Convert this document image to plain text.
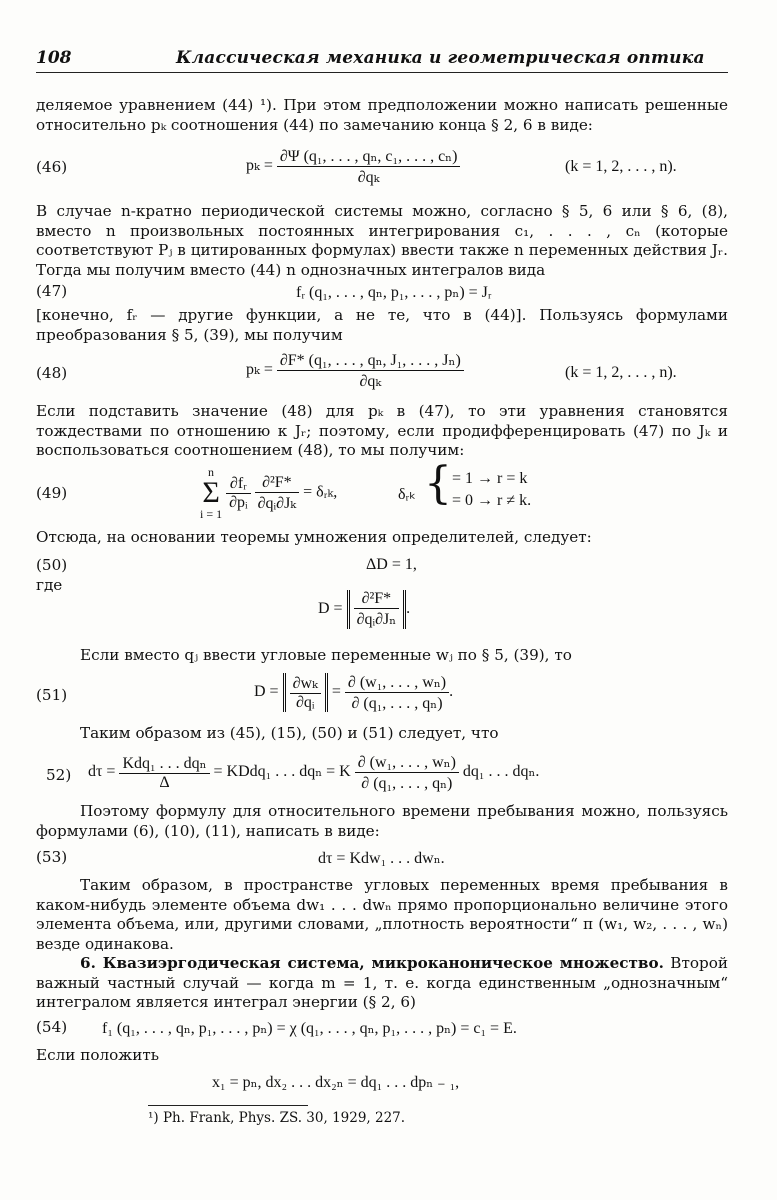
108	Классическая механика и геометрическая оптика
деляемое уравнением (44) ¹). При этом предположении можно написать решенные относительно pₖ соотношения (44) по замечанию конца § 2, 6 в виде:
(46)	$p_k = \frac{\text{∂Ψ (q₁, . . . , qₙ, c₁, . . . , cₙ)}}{\text{∂qₖ}}$	(k = 1, 2, . . . , n).
В случае n-кратно периодической системы можно, согласно § 5, 6 или § 6, (8), вместо n произвольных постоянных интегрирования c₁, . . . , cₙ (которые соответствуют Pⱼ в цитированных формулах) ввести также n переменных действия Jᵣ. Тогда мы получим вместо (44) n однозначных интегралов вида
(47)	fᵣ (q₁, . . . , qₙ, p₁, . . . , pₙ) = Jᵣ
[конечно, fᵣ — другие функции, а не те, что в (44)]. Пользуясь формулами преобразования § 5, (39), мы получим
(48)	$p_k = \frac{\text{∂F* (q₁, . . . , qₙ, J₁, . . . , Jₙ)}}{\text{∂qₖ}}$	(k = 1, 2, . . . , n).
Если подставить значение (48) для pₖ в (47), то эти уравнения становятся тождествами по отношению к Jᵣ; поэтому, если продифференцировать (47) по Jₖ и воспользоваться соотношением (48), то мы получим:
(49)
n
Σ
i = 1
$\frac{\text{∂fᵣ}}{\text{∂pᵢ}}$
$\frac{\text{∂²F*}}{\text{∂qᵢ∂Jₖ}}$ = δᵣₖ,	δᵣₖ { = 1 → r = k
= 0 → r ≠ k.
Отсюда, на основании теоремы умножения определителей, следует:
(50)	ΔD = 1,
где
$D = \frac{\text{∂²F*}}{\text{∂qᵢ∂Jₙ}}$ .
Если вместо qⱼ ввести угловые переменные wⱼ по § 5, (39), то
(51)	$D = \frac{\text{∂wₖ}}{\text{∂qᵢ}} = \frac{\text{∂ (w₁, . . . , wₙ)}}{\text{∂ (q₁, . . . , qₙ)}}$ .
Таким образом из (45), (15), (50) и (51) следует, что
52) $d\tau = \frac{\text{Kdq₁ . . . dqₙ}}{\Delta}$ = KDdq₁ . . . dqₙ = K $\frac{\text{∂ (w₁, . . . , wₙ)}}{\text{∂ (q₁, . . . , qₙ)}} dq_1$ . . . dqₙ.
Поэтому формулу для относительного времени пребывания можно, пользуясь формулами (6), (10), (11), написать в виде:
(53)	dτ = Kdw₁ . . . dwₙ.
Таким образом, в пространстве угловых переменных время пребывания в каком-нибудь элементе объема dw₁ . . . dwₙ прямо пропорционально величине этого элемента объема, или, другими словами, „плотность вероятности“ π (w₁, w₂, . . . , wₙ) везде одинакова.
6. Квазиэргодическая система, микроканоническое множество. Второй важный частный случай — когда m = 1, т. е. когда единственным „однозначным“ интегралом является интеграл энергии (§ 2, 6)
(54) f₁ (q₁, . . . , qₙ, p₁, . . . , pₙ) = χ (q₁, . . . , qₙ, p₁, . . . , pₙ) = c₁ = E.
Если положить
x₁ = pₙ, dx₂ . . . dx₂ₙ = dq₁ . . . dpₙ ₋ ₁,
¹) Ph. Frank, Phys. ZS. 30, 1929, 227.
